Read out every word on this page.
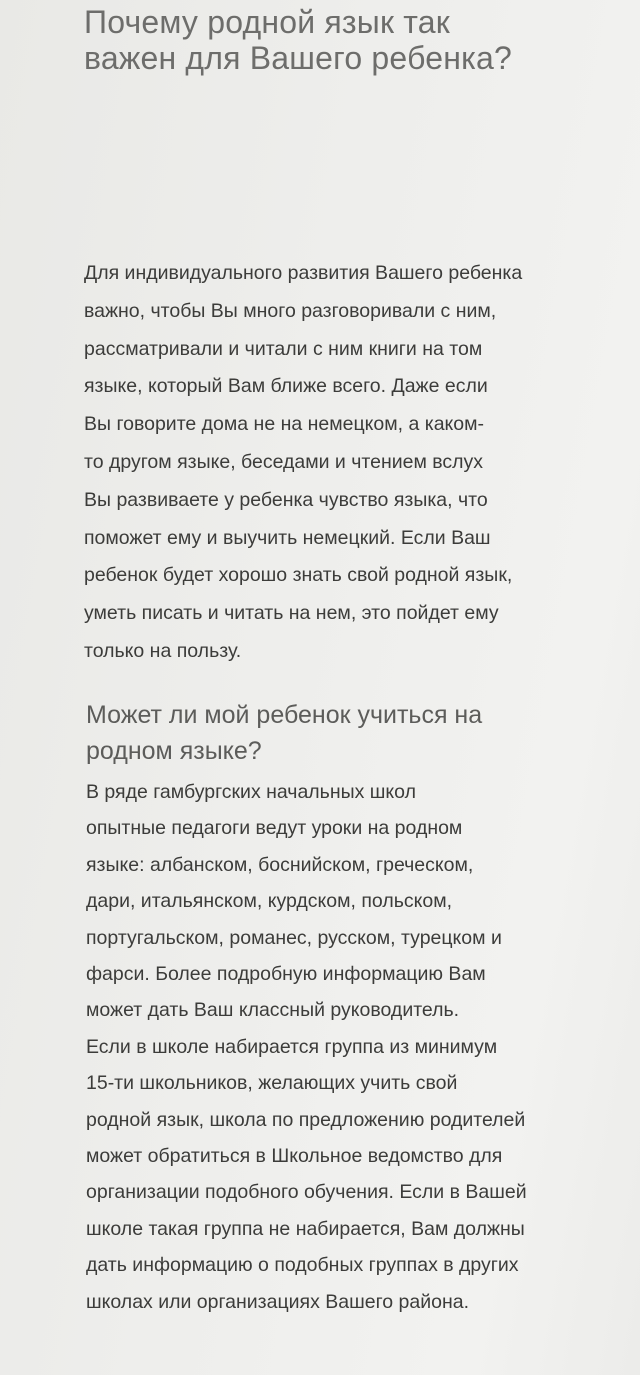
Почему родной язык так
важен для Вашего ребенка?
Для индивидуального развития Вашего ребенка
важно, чтобы Вы много разговоривали с ним,
рассматривали и читали с ним книги на том
языке, который Вам ближе всего. Даже если
Вы говорите дома не на немецком, а каком-
то другом языке, беседами и чтением вслух
Вы развиваете у ребенка чувство языка, что
поможет ему и выучить немецкий. Если Ваш
ребенок будет хорошо знать свой родной язык,
уметь писать и читать на нем, это пойдет ему
только на пользу.
Может ли мой ребенок учиться на
родном языке?
В ряде гамбургских начальных школ
опытные педагоги ведут уроки на родном
языке: албанском, боснийском, греческом,
дари, итальянском, курдском, польском,
португальском, романес, русском, турецком и
фарси. Более подробную информацию Вам
может дать Ваш классный руководитель.
Если в школе набирается группа из минимум
15-ти школьников, желающих учить свой
родной язык, школа по предложению родителей
может обратиться в Школьное ведомство для
организации подобного обучения. Если в Вашей
школе такая группа не набирается, Вам должны
дать информацию о подобных группах в других
школах или организациях Вашего района.
